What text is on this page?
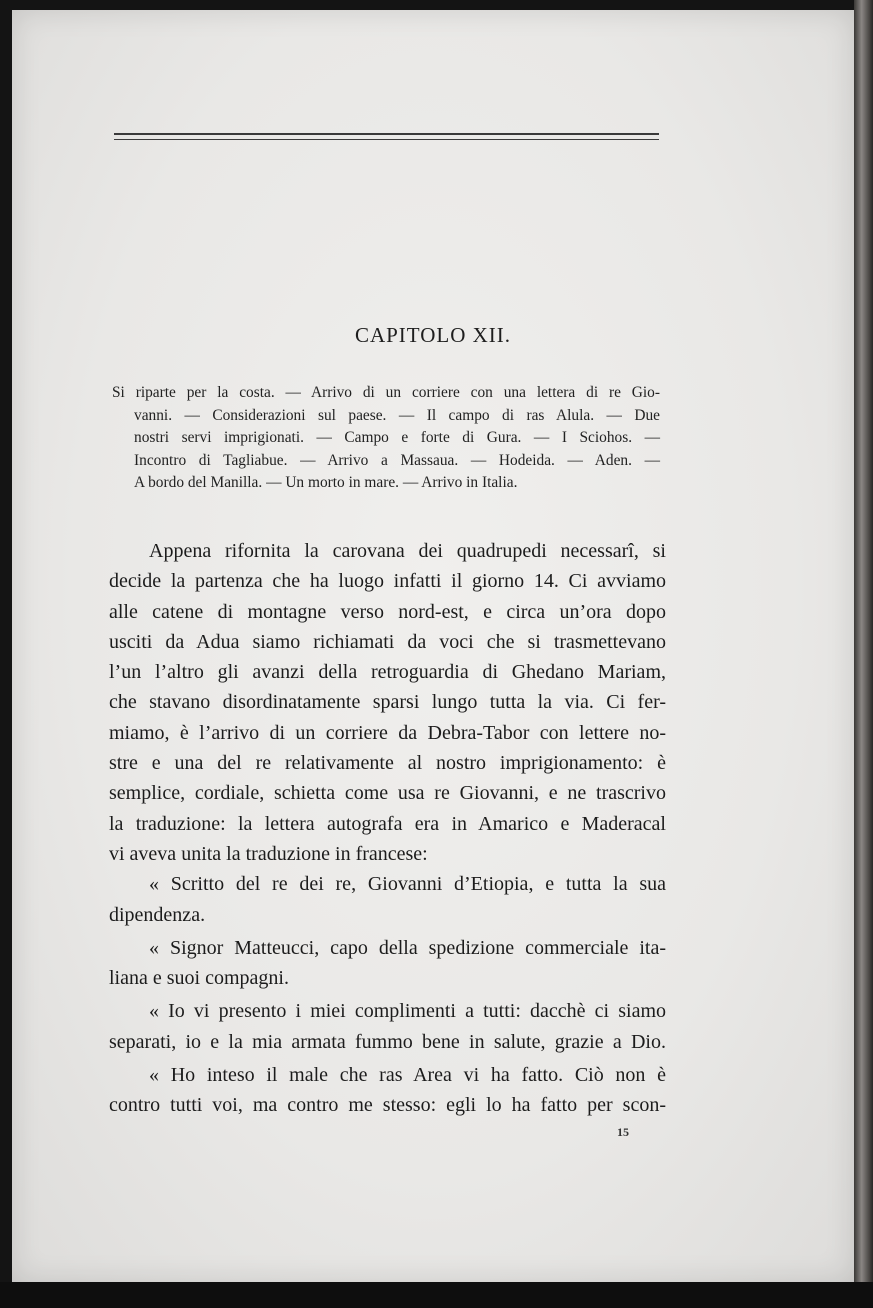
CAPITOLO XII.
Si riparte per la costa. — Arrivo di un corriere con una lettera di re Gio-
vanni. — Considerazioni sul paese. — Il campo di ras Alula. — Due
nostri servi imprigionati. — Campo e forte di Gura. — I Sciohos. —
Incontro di Tagliabue. — Arrivo a Massaua. — Hodeida. — Aden. —
A bordo del Manilla. — Un morto in mare. — Arrivo in Italia.
Appena rifornita la carovana dei quadrupedi necessarî, si
decide la partenza che ha luogo infatti il giorno 14. Ci avviamo
alle catene di montagne verso nord-est, e circa un’ora dopo
usciti da Adua siamo richiamati da voci che si trasmettevano
l’un l’altro gli avanzi della retroguardia di Ghedano Mariam,
che stavano disordinatamente sparsi lungo tutta la via. Ci fer-
miamo, è l’arrivo di un corriere da Debra-Tabor con lettere no-
stre e una del re relativamente al nostro imprigionamento: è
semplice, cordiale, schietta come usa re Giovanni, e ne trascrivo
la traduzione: la lettera autografa era in Amarico e Maderacal
vi aveva unita la traduzione in francese:
« Scritto del re dei re, Giovanni d’Etiopia, e tutta la sua
dipendenza.
« Signor Matteucci, capo della spedizione commerciale ita-
liana e suoi compagni.
« Io vi presento i miei complimenti a tutti: dacchè ci siamo
separati, io e la mia armata fummo bene in salute, grazie a Dio.
« Ho inteso il male che ras Area vi ha fatto. Ciò non è
contro tutti voi, ma contro me stesso: egli lo ha fatto per scon-
15
